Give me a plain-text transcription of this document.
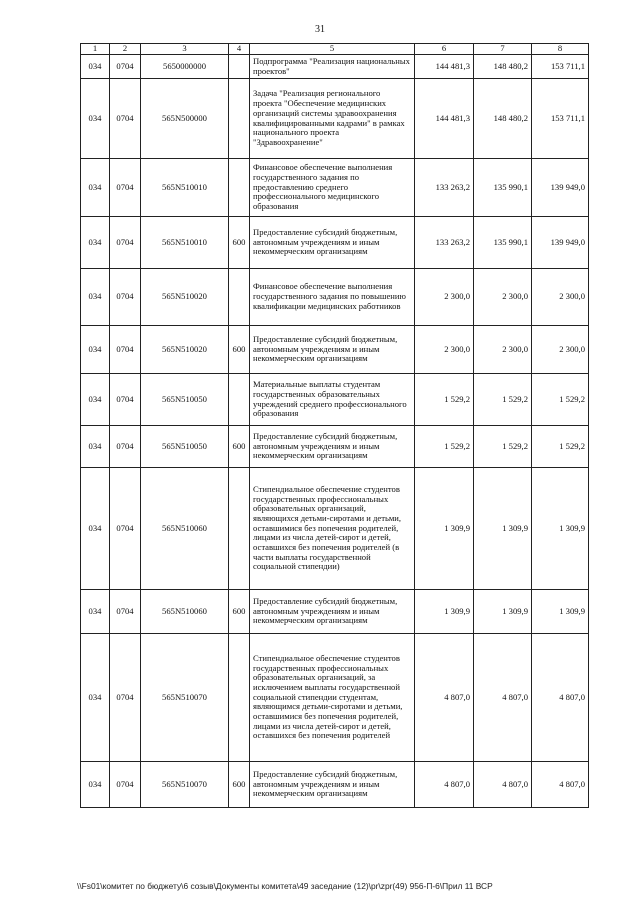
31
1	2	3	4	5	6	7	8
034	0704	5650000000		Подпрограмма "Реализация национальных проектов"	144 481,3	148 480,2	153 711,1
034	0704	565N500000		Задача "Реализация регионального проекта "Обеспечение медицинских организаций системы здравоохранения квалифицированными кадрами" в рамках национального проекта "Здравоохранение"	144 481,3	148 480,2	153 711,1
034	0704	565N510010		Финансовое обеспечение выполнения государственного задания по предоставлению среднего профессионального медицинского образования	133 263,2	135 990,1	139 949,0
034	0704	565N510010	600	Предоставление субсидий бюджетным, автономным учреждениям и иным некоммерческим организациям	133 263,2	135 990,1	139 949,0
034	0704	565N510020		Финансовое обеспечение выполнения государственного задания по повышению квалификации медицинских работников	2 300,0	2 300,0	2 300,0
034	0704	565N510020	600	Предоставление субсидий бюджетным, автономным учреждениям и иным некоммерческим организациям	2 300,0	2 300,0	2 300,0
034	0704	565N510050		Материальные выплаты студентам государственных образовательных учреждений среднего профессионального образования	1 529,2	1 529,2	1 529,2
034	0704	565N510050	600	Предоставление субсидий бюджетным, автономным учреждениям и иным некоммерческим организациям	1 529,2	1 529,2	1 529,2
034	0704	565N510060		Стипендиальное обеспечение студентов государственных профессиональных образовательных организаций, являющихся детьми-сиротами и детьми, оставшимися без попечения родителей, лицами из числа детей-сирот и детей, оставшихся без попечения родителей (в части выплаты государственной социальной стипендии)	1 309,9	1 309,9	1 309,9
034	0704	565N510060	600	Предоставление субсидий бюджетным, автономным учреждениям и иным некоммерческим организациям	1 309,9	1 309,9	1 309,9
034	0704	565N510070		Стипендиальное обеспечение студентов государственных профессиональных образовательных организаций, за исключением выплаты государственной социальной стипендии студентам, являющимся детьми-сиротами и детьми, оставшимися без попечения родителей, лицами из числа детей-сирот и детей, оставшихся без попечения родителей	4 807,0	4 807,0	4 807,0
034	0704	565N510070	600	Предоставление субсидий бюджетным, автономным учреждениям и иным некоммерческим организациям	4 807,0	4 807,0	4 807,0
\\Fs01\комитет по бюджету\6 созыв\Документы комитета\49 заседание (12)\pr\zpr(49) 956-П-6\Прил 11 ВСР
